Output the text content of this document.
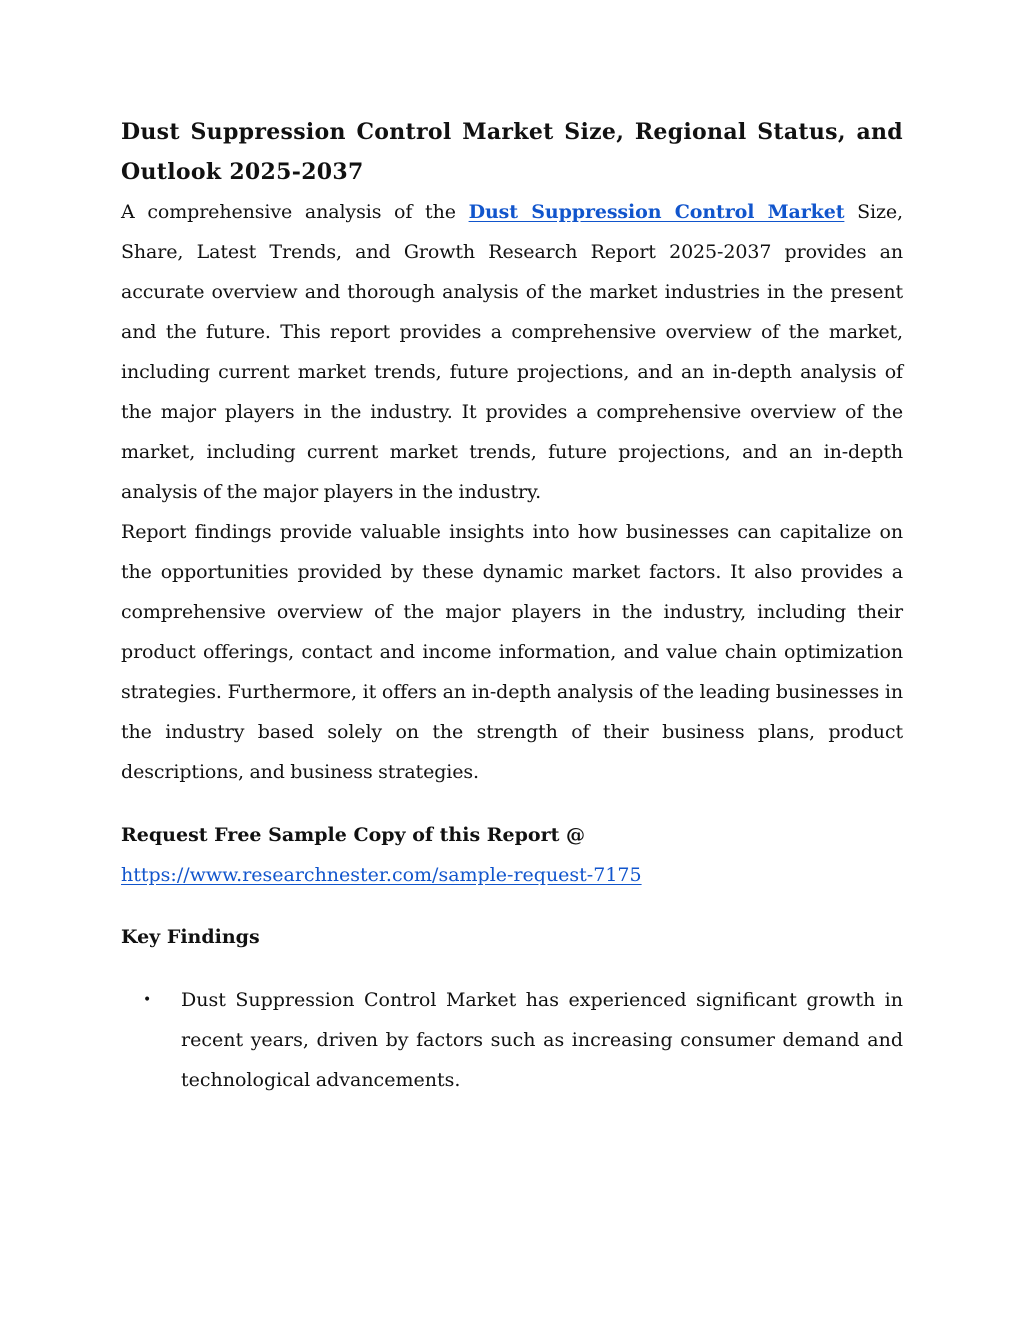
Dust Suppression Control Market Size, Regional Status, and Outlook 2025-2037

A comprehensive analysis of the Dust Suppression Control Market Size, Share, Latest Trends, and Growth Research Report 2025-2037 provides an accurate overview and thorough analysis of the market industries in the present and the future. This report provides a comprehensive overview of the market, including current market trends, future projections, and an in-depth analysis of the major players in the industry. It provides a comprehensive overview of the market, including current market trends, future projections, and an in-depth analysis of the major players in the industry.

Report findings provide valuable insights into how businesses can capitalize on the opportunities provided by these dynamic market factors. It also provides a comprehensive overview of the major players in the industry, including their product offerings, contact and income information, and value chain optimization strategies. Furthermore, it offers an in-depth analysis of the leading businesses in the industry based solely on the strength of their business plans, product descriptions, and business strategies.

Request Free Sample Copy of this Report @
https://www.researchnester.com/sample-request-7175
Key Findings
• Dust Suppression Control Market has experienced significant growth in recent years, driven by factors such as increasing consumer demand and technological advancements.
